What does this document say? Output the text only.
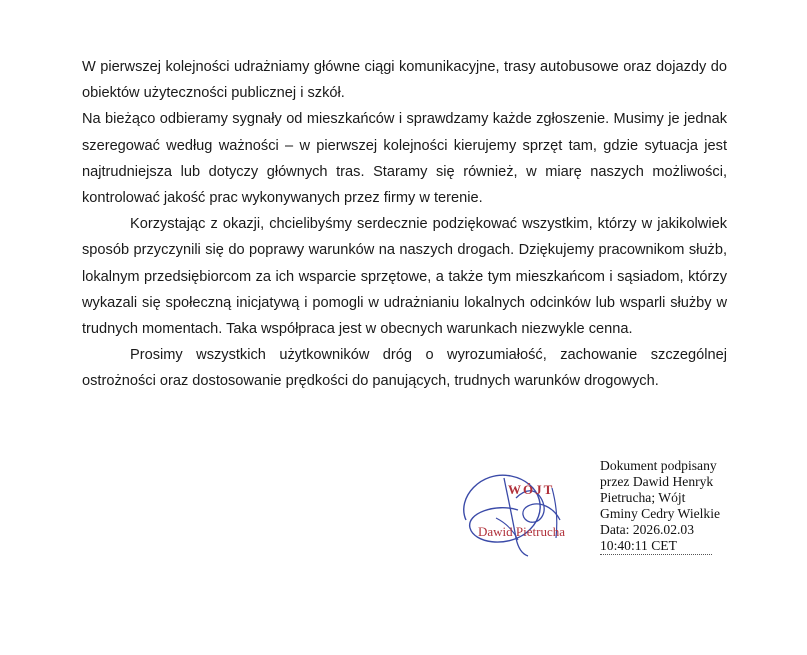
W pierwszej kolejności udrażniamy główne ciągi komunikacyjne, trasy autobusowe oraz dojazdy do obiektów użyteczności publicznej i szkół.

Na bieżąco odbieramy sygnały od mieszkańców i sprawdzamy każde zgłoszenie. Musimy je jednak szeregować według ważności – w pierwszej kolejności kierujemy sprzęt tam, gdzie sytuacja jest najtrudniejsza lub dotyczy głównych tras. Staramy się również, w miarę naszych możliwości, kontrolować jakość prac wykonywanych przez firmy w terenie.

Korzystając z okazji, chcielibyśmy serdecznie podziękować wszystkim, którzy w jakikolwiek sposób przyczynili się do poprawy warunków na naszych drogach. Dziękujemy pracownikom służb, lokalnym przedsiębiorcom za ich wsparcie sprzętowe, a także tym mieszkańcom i sąsiadom, którzy wykazali się społeczną inicjatywą i pomogli w udrażnianiu lokalnych odcinków lub wsparli służby w trudnych momentach. Taka współpraca jest w obecnych warunkach niezwykle cenna.

Prosimy wszystkich użytkowników dróg o wyrozumiałość, zachowanie szczególnej ostrożności oraz dostosowanie prędkości do panujących, trudnych warunków drogowych.

WÓJT
Dawid Pietrucha
Dokument podpisany
przez Dawid Henryk
Pietrucha; Wójt
Gminy Cedry Wielkie
Data: 2026.02.03
10:40:11 CET
